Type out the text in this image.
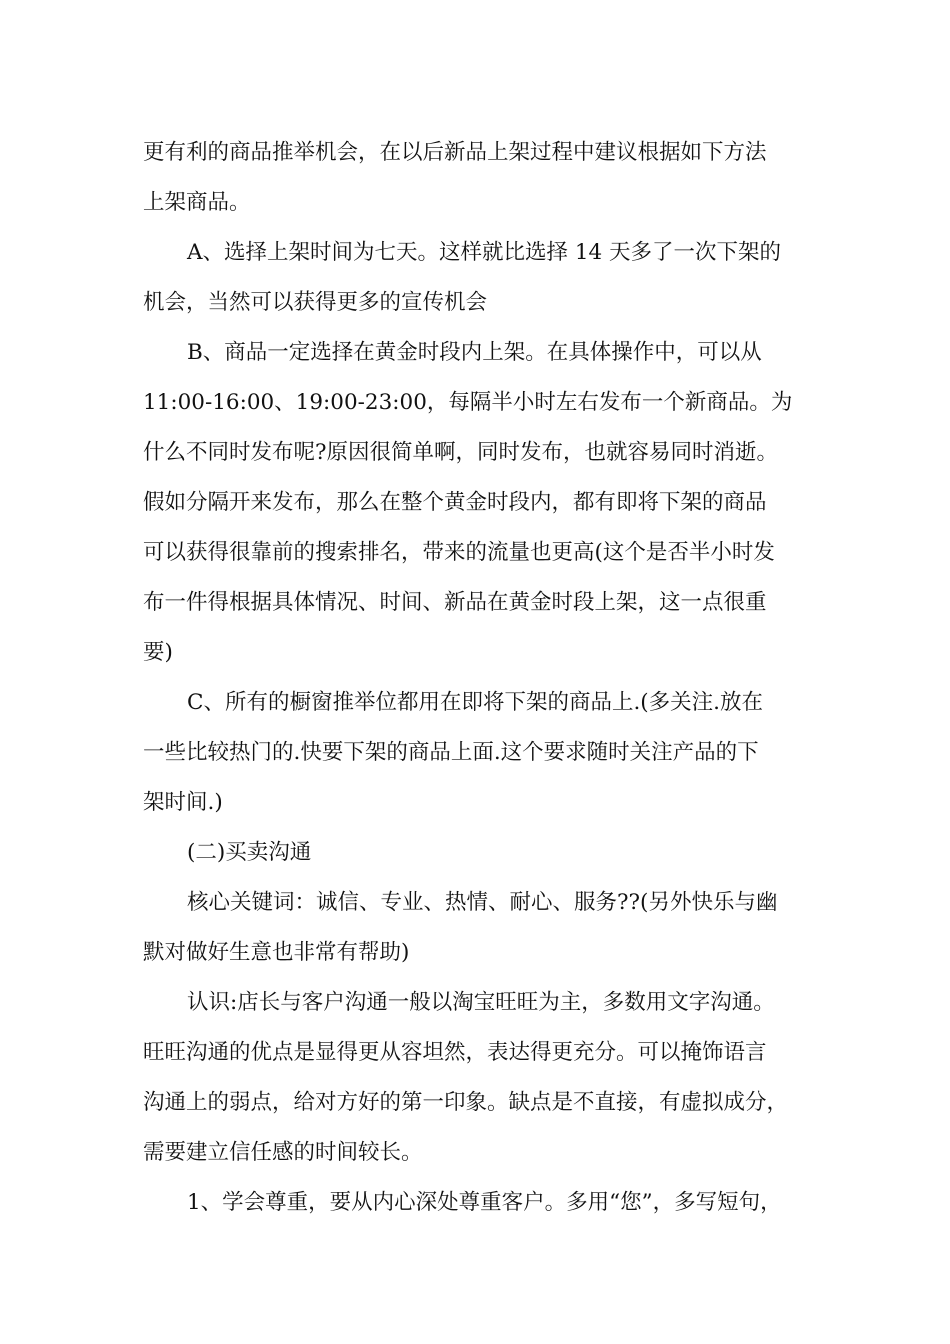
更有利的商品推举机会，在以后新品上架过程中建议根据如下方法
上架商品。
A、选择上架时间为七天。这样就比选择 14 天多了一次下架的
机会，当然可以获得更多的宣传机会
B、商品一定选择在黄金时段内上架。在具体操作中，可以从
11:00-16:00、19:00-23:00，每隔半小时左右发布一个新商品。为
什么不同时发布呢?原因很简单啊，同时发布，也就容易同时消逝。
假如分隔开来发布，那么在整个黄金时段内，都有即将下架的商品
可以获得很靠前的搜索排名，带来的流量也更高(这个是否半小时发
布一件得根据具体情况、时间、新品在黄金时段上架，这一点很重
要)
C、所有的橱窗推举位都用在即将下架的商品上.(多关注.放在
一些比较热门的.快要下架的商品上面.这个要求随时关注产品的下
架时间.)
(二)买卖沟通
核心关键词：诚信、专业、热情、耐心、服务??(另外快乐与幽
默对做好生意也非常有帮助)
认识:店长与客户沟通一般以淘宝旺旺为主，多数用文字沟通。
旺旺沟通的优点是显得更从容坦然，表达得更充分。可以掩饰语言
沟通上的弱点，给对方好的第一印象。缺点是不直接，有虚拟成分，
需要建立信任感的时间较长。
1、学会尊重，要从内心深处尊重客户。多用“您”，多写短句，
